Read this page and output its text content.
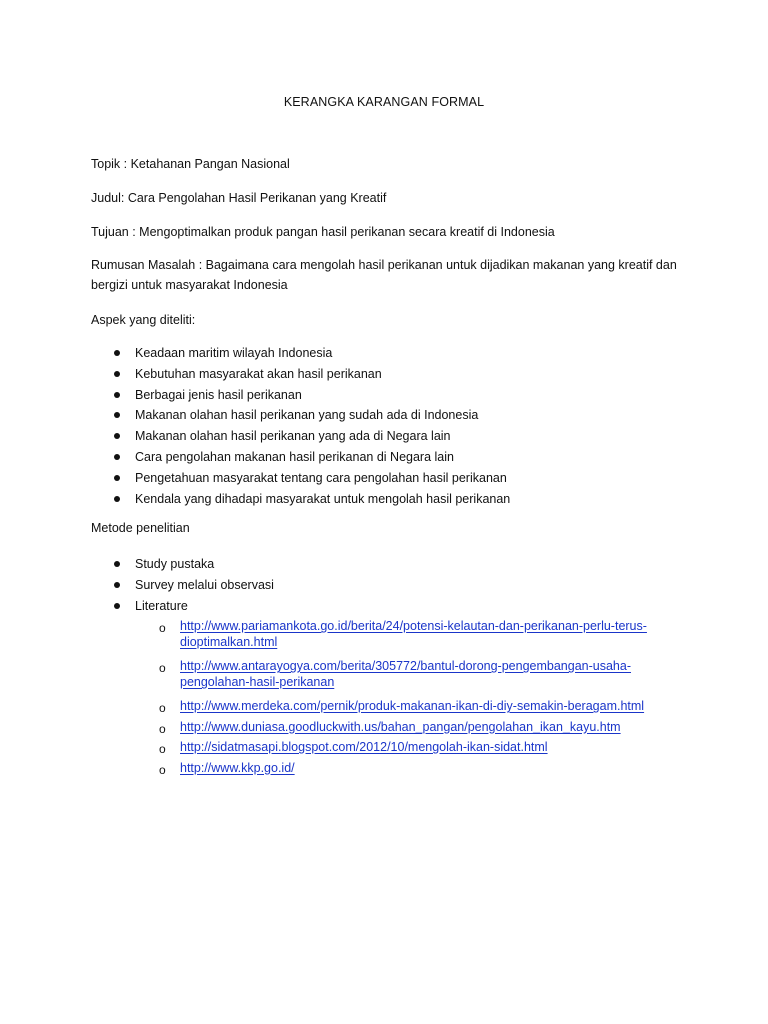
KERANGKA KARANGAN FORMAL
Topik : Ketahanan Pangan Nasional
Judul: Cara Pengolahan Hasil Perikanan yang Kreatif
Tujuan : Mengoptimalkan produk pangan hasil perikanan secara kreatif di Indonesia
Rumusan Masalah : Bagaimana cara mengolah hasil perikanan untuk dijadikan makanan yang kreatif dan
bergizi untuk masyarakat Indonesia
Aspek yang diteliti:
Keadaan maritim wilayah Indonesia
Kebutuhan masyarakat akan hasil perikanan
Berbagai jenis hasil perikanan
Makanan olahan hasil perikanan yang sudah ada di Indonesia
Makanan olahan hasil perikanan yang ada di Negara lain
Cara pengolahan makanan hasil perikanan di Negara lain
Pengetahuan masyarakat tentang cara pengolahan hasil perikanan
Kendala yang dihadapi masyarakat untuk mengolah hasil perikanan
Metode penelitian
Study pustaka
Survey melalui observasi
Literature
o http://www.pariamankota.go.id/berita/24/potensi-kelautan-dan-perikanan-perlu-terus-
dioptimalkan.html
o http://www.antarayogya.com/berita/305772/bantul-dorong-pengembangan-usaha-
pengolahan-hasil-perikanan
o http://www.merdeka.com/pernik/produk-makanan-ikan-di-diy-semakin-beragam.html
o http://www.duniasa.goodluckwith.us/bahan_pangan/pengolahan_ikan_kayu.htm
o http://sidatmasapi.blogspot.com/2012/10/mengolah-ikan-sidat.html
o http://www.kkp.go.id/
